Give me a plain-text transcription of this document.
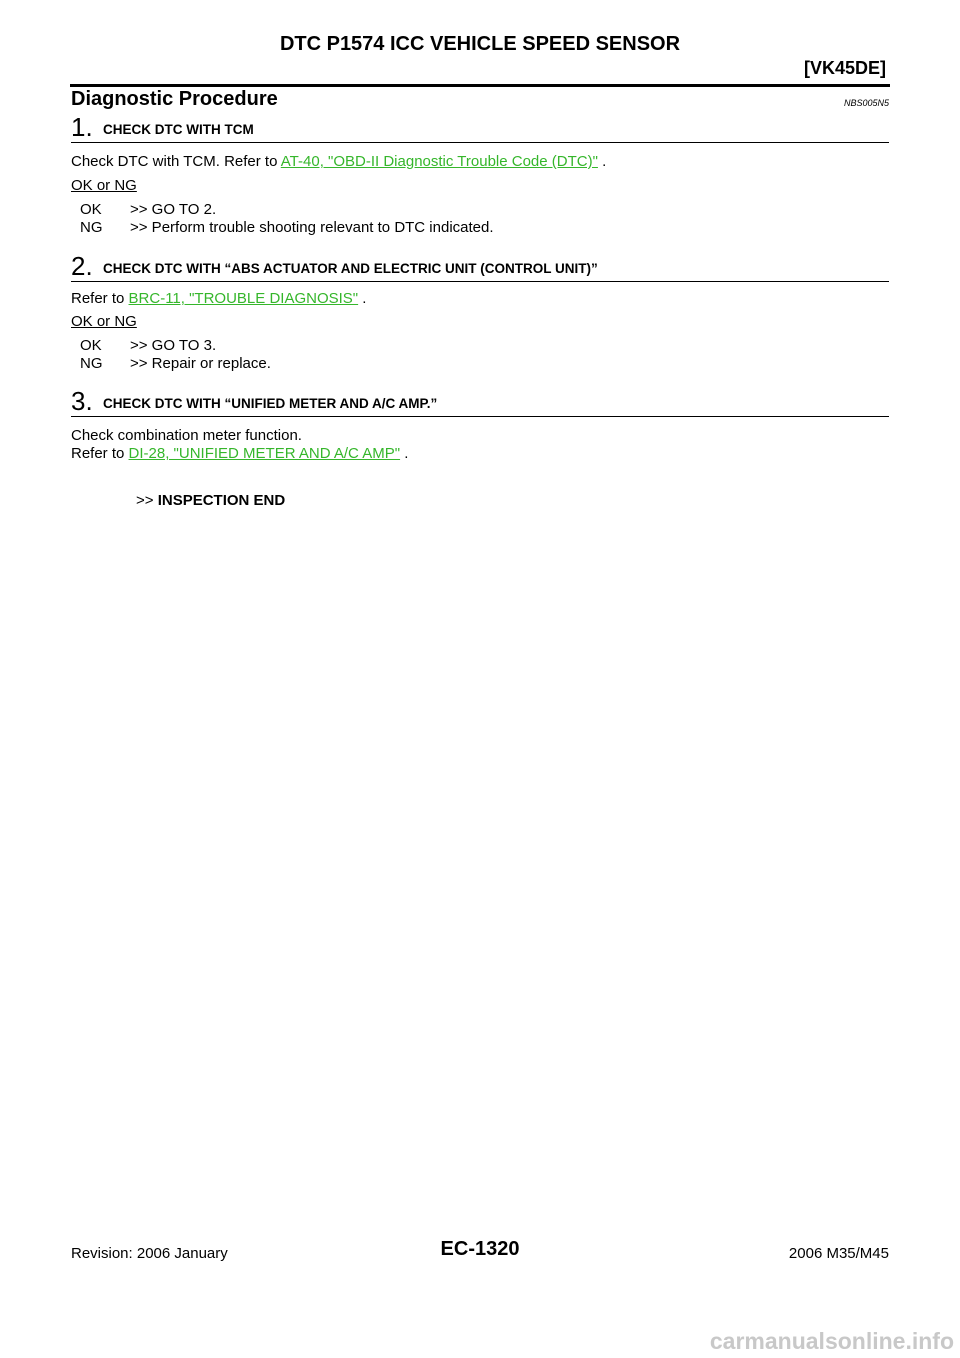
DTC P1574 ICC VEHICLE SPEED SENSOR
[VK45DE]
Diagnostic Procedure	NBS005N5
1. CHECK DTC WITH TCM
Check DTC with TCM. Refer to AT-40, "OBD-II Diagnostic Trouble Code (DTC)" .
OK or NG
OK >> GO TO 2.
NG >> Perform trouble shooting relevant to DTC indicated.
2. CHECK DTC WITH “ABS ACTUATOR AND ELECTRIC UNIT (CONTROL UNIT)”
Refer to BRC-11, "TROUBLE DIAGNOSIS" .
OK or NG
OK >> GO TO 3.
NG >> Repair or replace.
3. CHECK DTC WITH “UNIFIED METER AND A/C AMP.”
Check combination meter function.
Refer to DI-28, "UNIFIED METER AND A/C AMP" .
>> INSPECTION END
Revision: 2006 January	EC-1320	2006 M35/M45
carmanualsonline.info
